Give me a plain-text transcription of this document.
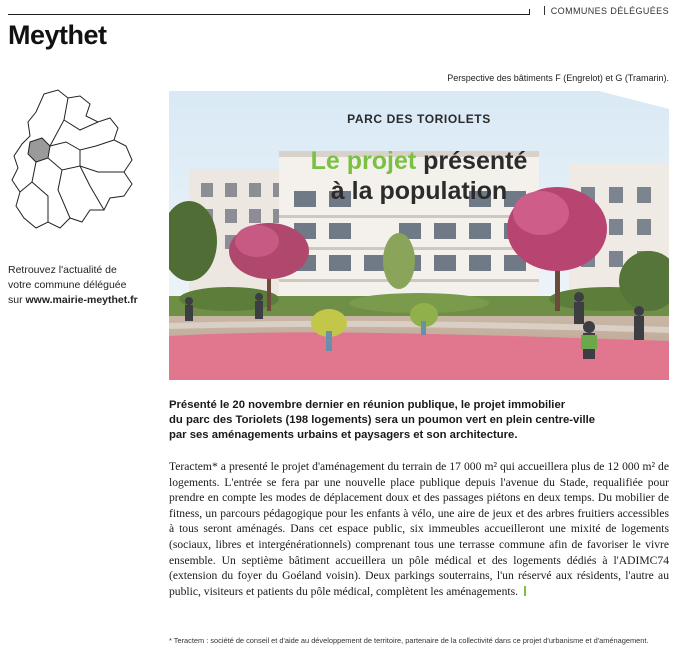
COMMUNES DÉLÉGUÉES
Meythet
Retrouvez l'actualité de
votre commune déléguée
sur www.mairie-meythet.fr
Perspective des bâtiments F (Engrelot) et G (Tramarin).
PARC DES TORIOLETS
Le projet présenté
à la population
Présenté le 20 novembre dernier en réunion publique, le projet immobilier
du parc des Toriolets (198 logements) sera un poumon vert en plein centre-ville
par ses aménagements urbains et paysagers et son architecture.
Teractem* a presenté le projet d'aménagement du terrain de 17 000 m² qui accueillera plus de 12 000 m² de logements. L'entrée se fera par une nouvelle place publique depuis l'avenue du Stade, requalifiée pour prendre en compte les modes de déplacement doux et des passages piétons en deux temps. Du mobilier de fitness, un parcours pédagogique pour les enfants à vélo, une aire de jeux et des arbres fruitiers accessibles à tous seront aménagés. Dans cet espace public, six immeubles accueilleront une mixité de logements (sociaux, libres et intergénérationnels) comprenant tous une terrasse commune afin de favoriser le vivre ensemble. Un septième bâtiment accueillera un pôle médical et des logements dédiés à l'ADIMC74 (extension du foyer du Goéland voisin). Deux parkings souterrains, l'un réservé aux résidents, l'autre au public, visiteurs et patients du pôle médical, complètent les aménagements.
* Teractem : société de conseil et d'aide au développement de territoire, partenaire de la collectivité dans ce projet d'urbanisme et d'aménagement.
